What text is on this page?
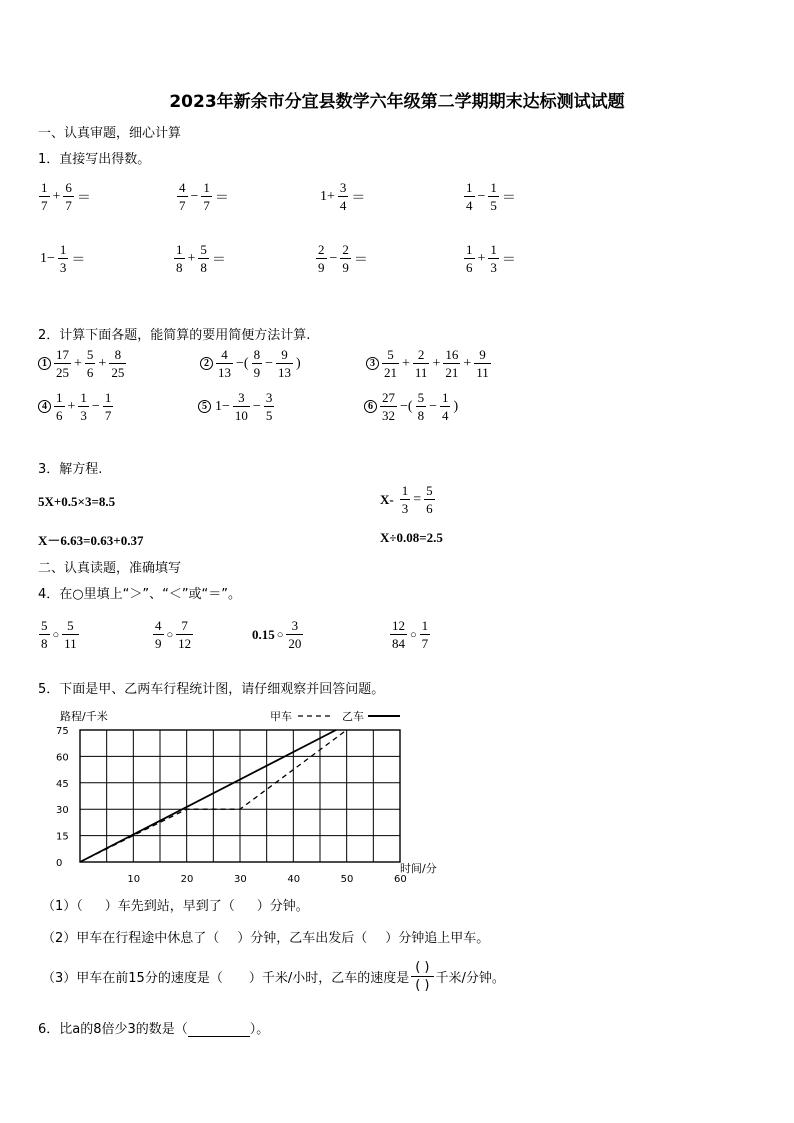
2023年新余市分宜县数学六年级第二学期期末达标测试试题
一、认真审题，细心计算
1．直接写出得数。
$\frac{1}{7} + \frac{6}{7}$ ＝	$\frac{4}{7} - \frac{1}{7}$ ＝	$1+ \frac{3}{4}$ ＝	$\frac{1}{4} - \frac{1}{5}$ ＝
$1- \frac{1}{3}$ ＝	$\frac{1}{8} + \frac{5}{8}$ ＝	$\frac{2}{9} - \frac{2}{9}$ ＝	$\frac{1}{6} + \frac{1}{3}$ ＝
2．计算下面各题，能简算的要用简便方法计算.
$1 \frac{17}{25} + \frac{5}{6} + \frac{8}{25}$	$2 \frac{4}{13}$ −( $\frac{8}{9} - \frac{9}{13}$ )	$3 \frac{5}{21} + \frac{2}{11} + \frac{16}{21} + \frac{9}{11}$
$4 \frac{1}{6} + \frac{1}{3} - \frac{1}{7}$	5 $1- \frac{3}{10} - \frac{3}{5}$	$6 \frac{27}{32}$ −( $\frac{5}{8} - \frac{1}{4}$ )
3．解方程.
5X+0.5×3=8.5	$X- \frac{1}{3} = \frac{5}{6}$
X－6.63=0.63+0.37	X÷0.08=2.5
二、认真读题，准确填写
4．在○里填上“＞”、“＜”或“＝”。
$\frac{5}{8}$ ○ $\frac{5}{11}$	$\frac{4}{9}$ ○ $\frac{7}{12}$	0.15 ○ $\frac{3}{20}$	$\frac{12}{84}$ ○ $\frac{1}{7}$
5．下面是甲、乙两车行程统计图，请仔细观察并回答问题。
路程/千米
时间/分
甲车	乙车
0
15
30
45
60
75
10	20	30	40	50	60
（1）（ ）车先到站，早到了（ ）分钟。
（2）甲车在行程途中休息了（ ）分钟，乙车出发后（ ）分钟追上甲车。
（3）甲车在前15分的速度是（ ）千米/小时，乙车的速度是
( )
( ) 千米/分钟。
6．比a的8倍少3的数是（	）。
